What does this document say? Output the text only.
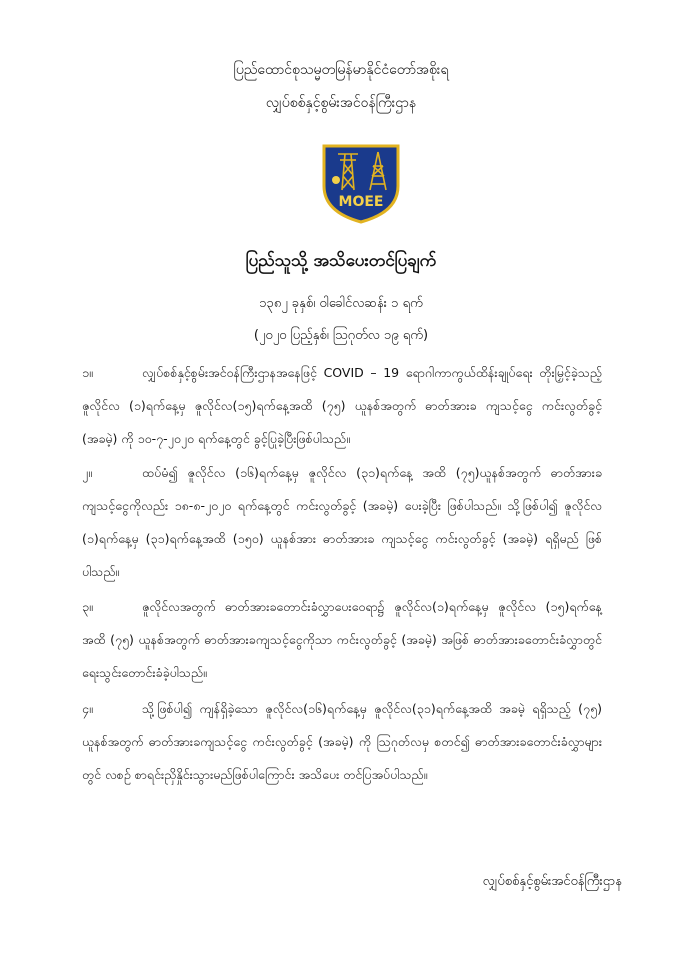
ပြည်ထောင်စုသမ္မတမြန်မာနိုင်ငံတော်အစိုးရ
လျှပ်စစ်နှင့်စွမ်းအင်ဝန်ကြီးဌာန
MOEE
ပြည်သူသို့ အသိပေးတင်ပြချက်
၁၃၈၂ ခုနှစ်၊ ဝါခေါင်လဆန်း ၁ ရက်
(၂၀၂၀ ပြည့်နှစ်၊ ဩဂုတ်လ ၁၉ ရက်)
၁။	လျှပ်စစ်နှင့်စွမ်းအင်ဝန်ကြီးဌာနအနေဖြင့် COVID – 19 ရောဂါကာကွယ်ထိန်းချုပ်ရေး တိုးမြှင့်ခဲ့သည့် ဇူလိုင်လ (၁)ရက်နေ့မှ ဇူလိုင်လ(၁၅)ရက်နေ့အထိ (၇၅) ယူနစ်အတွက် ဓာတ်အားခ ကျသင့်ငွေ ကင်းလွတ်ခွင့် (အခမဲ့) ကို ၁၀-၇-၂၀၂၀ ရက်နေ့တွင် ခွင့်ပြုခဲ့ပြီးဖြစ်ပါသည်။
၂။	ထပ်မံ၍ ဇူလိုင်လ (၁၆)ရက်နေ့မှ ဇူလိုင်လ (၃၁)ရက်နေ့ အထိ (၇၅)ယူနစ်အတွက် ဓာတ်အားခ ကျသင့်ငွေကိုလည်း ၁၈-၈-၂၀၂၀ ရက်နေ့တွင် ကင်းလွတ်ခွင့် (အခမဲ့) ပေးခဲ့ပြီး ဖြစ်ပါသည်။ သို့ဖြစ်ပါ၍ ဇူလိုင်လ (၁)ရက်နေ့မှ (၃၁)ရက်နေ့အထိ (၁၅၀) ယူနစ်အား ဓာတ်အားခ ကျသင့်ငွေ ကင်းလွတ်ခွင့် (အခမဲ့) ရရှိမည် ဖြစ်ပါသည်။
၃။	ဇူလိုင်လအတွက် ဓာတ်အားခတောင်းခံလွှာပေးဝေရာ၌ ဇူလိုင်လ(၁)ရက်နေ့မှ ဇူလိုင်လ (၁၅)ရက်နေ့အထိ (၇၅) ယူနစ်အတွက် ဓာတ်အားခကျသင့်ငွေကိုသာ ကင်းလွတ်ခွင့် (အခမဲ့) အဖြစ် ဓာတ်အားခတောင်းခံလွှာတွင် ရေးသွင်းတောင်းခံခဲ့ပါသည်။
၄။	သို့ဖြစ်ပါ၍ ကျန်ရှိခဲ့သော ဇူလိုင်လ(၁၆)ရက်နေ့မှ ဇူလိုင်လ(၃၁)ရက်နေ့အထိ အခမဲ့ ရရှိသည့် (၇၅) ယူနစ်အတွက် ဓာတ်အားခကျသင့်ငွေ ကင်းလွတ်ခွင့် (အခမဲ့) ကို ဩဂုတ်လမှ စတင်၍ ဓာတ်အားခတောင်းခံလွှာများတွင် လစဉ် စာရင်းညှိနှိုင်းသွားမည်ဖြစ်ပါကြောင်း အသိပေး တင်ပြအပ်ပါသည်။
လျှပ်စစ်နှင့်စွမ်းအင်ဝန်ကြီးဌာန
